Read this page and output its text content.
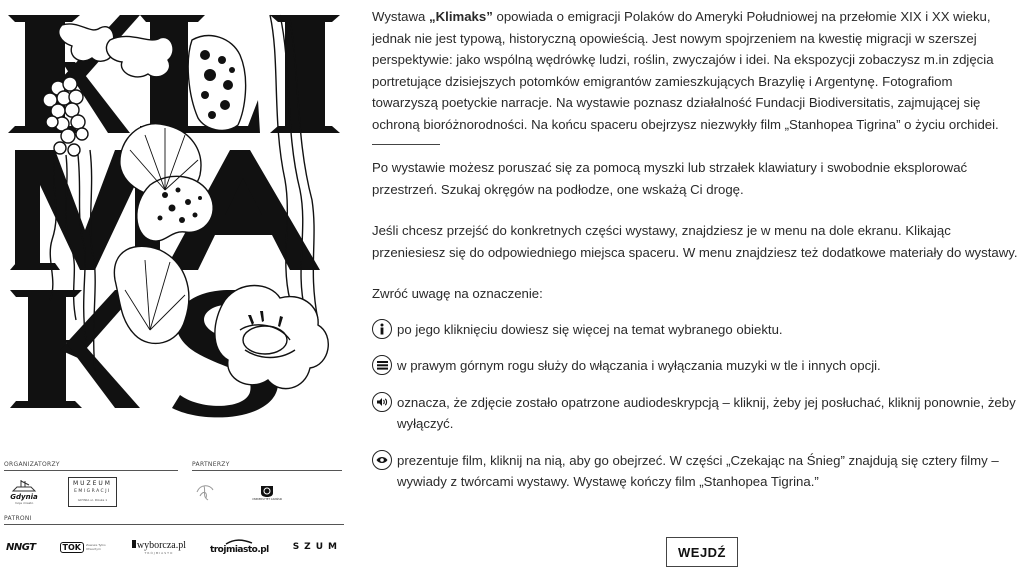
ORGANIZATORZY
Gdynia
moje miasto
MUZEUM
EMIGRACJI
GDYNIA ul. Polska 1
PARTNERZY
UNIWERSYTET GDAŃSKI
PATRONI
NNGT	TOK	Zawsze Tylko Otwartym	wyborcza.pl
TRÓJMIASTO	trojmiasto.pl	SZUM

Wystawa „Klimaks” opowiada o emigracji Polaków do Ameryki Południowej na przełomie XIX i XX wieku, jednak nie jest typową, historyczną opowieścią. Jest nowym spojrzeniem na kwestię migracji w szerszej perspektywie: jako wspólną wędrówkę ludzi, roślin, zwyczajów i idei. Na ekspozycji zobaczysz m.in zdjęcia portretujące dzisiejszych potomków emigrantów zamieszkujących Brazylię i Argentynę. Fotografiom towarzyszą poetyckie narracje. Na wystawie poznasz działalność Fundacji Biodiversitatis, zajmującej się ochroną bioróżnorodności. Na końcu spaceru obejrzysz niezwykły film „Stanhopea Tigrina” o życiu orchidei.

Po wystawie możesz poruszać się za pomocą myszki lub strzałek klawiatury i swobodnie eksplorować przestrzeń. Szukaj okręgów na podłodze, one wskażą Ci drogę.

Jeśli chcesz przejść do konkretnych części wystawy, znajdziesz je w menu na dole ekranu. Klikając przeniesiesz się do odpowiedniego miejsca spaceru. W menu znajdziesz też dodatkowe materiały do wystawy.

Zwróć uwagę na oznaczenie:

po jego kliknięciu dowiesz się więcej na temat wybranego obiektu.
w prawym górnym rogu służy do włączania i wyłączania muzyki w tle i innych opcji.
oznacza, że zdjęcie zostało opatrzone audiodeskrypcją – kliknij, żeby jej posłuchać, kliknij ponownie, żeby wyłączyć.
prezentuje film, kliknij na nią, aby go obejrzeć. W części „Czekając na Śnieg” znajdują się cztery filmy – wywiady z twórcami wystawy. Wystawę kończy film „Stanhopea Tigrina.”
WEJDŹ
